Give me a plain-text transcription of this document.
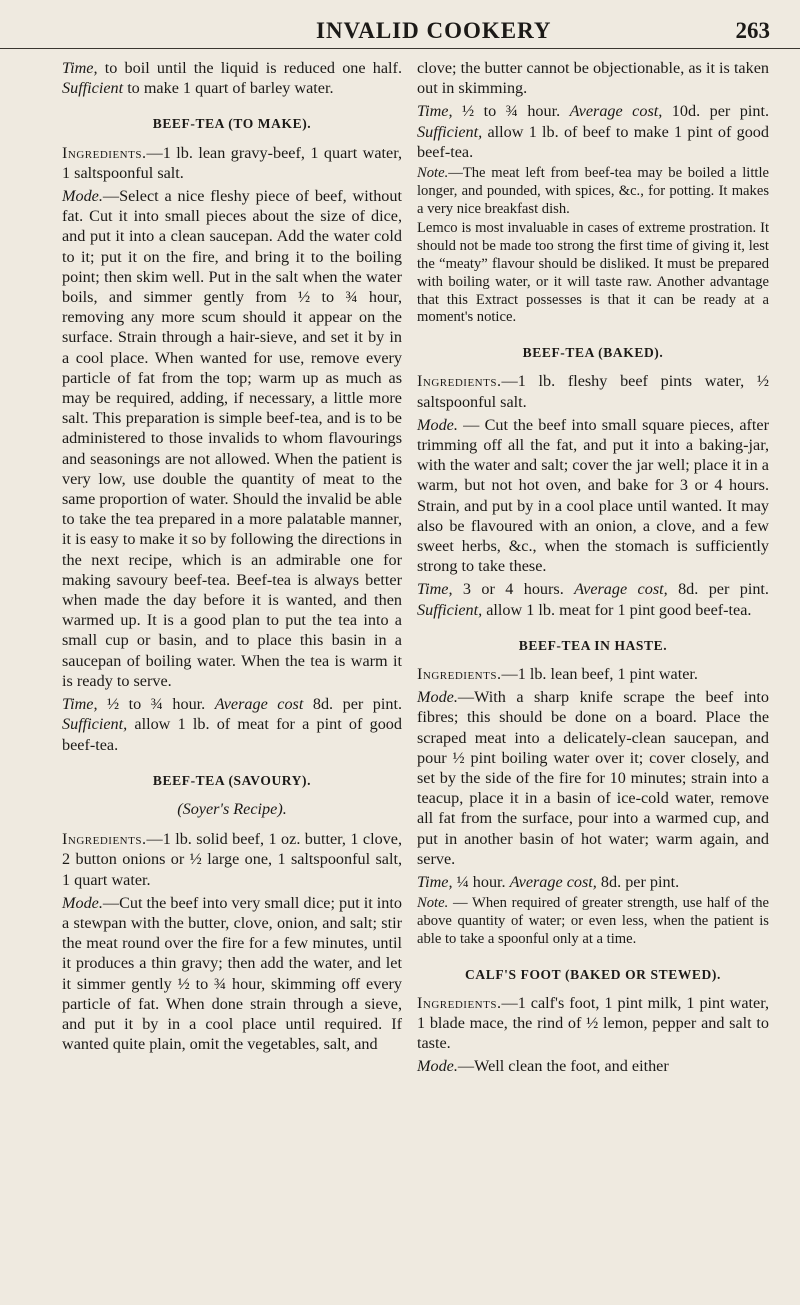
INVALID COOKERY	263

Time, to boil until the liquid is reduced one half. Sufficient to make 1 quart of barley water.

BEEF-TEA (TO MAKE).

Ingredients.—1 lb. lean gravy-beef, 1 quart water, 1 saltspoonful salt.

Mode.—Select a nice fleshy piece of beef, without fat. Cut it into small pieces about the size of dice, and put it into a clean saucepan. Add the water cold to it; put it on the fire, and bring it to the boiling point; then skim well. Put in the salt when the water boils, and simmer gently from ½ to ¾ hour, removing any more scum should it appear on the surface. Strain through a hair-sieve, and set it by in a cool place. When wanted for use, remove every particle of fat from the top; warm up as much as may be required, adding, if necessary, a little more salt. This preparation is simple beef-tea, and is to be administered to those invalids to whom flavourings and seasonings are not allowed. When the patient is very low, use double the quantity of meat to the same proportion of water. Should the invalid be able to take the tea prepared in a more palatable manner, it is easy to make it so by following the directions in the next recipe, which is an admirable one for making savoury beef-tea. Beef-tea is always better when made the day before it is wanted, and then warmed up. It is a good plan to put the tea into a small cup or basin, and to place this basin in a saucepan of boiling water. When the tea is warm it is ready to serve.

Time, ½ to ¾ hour. Average cost 8d. per pint. Sufficient, allow 1 lb. of meat for a pint of good beef-tea.

BEEF-TEA (SAVOURY).
(Soyer's Recipe).

Ingredients.—1 lb. solid beef, 1 oz. butter, 1 clove, 2 button onions or ½ large one, 1 saltspoonful salt, 1 quart water.

Mode.—Cut the beef into very small dice; put it into a stewpan with the butter, clove, onion, and salt; stir the meat round over the fire for a few minutes, until it produces a thin gravy; then add the water, and let it simmer gently ½ to ¾ hour, skimming off every particle of fat. When done strain through a sieve, and put it by in a cool place until required. If wanted quite plain, omit the vegetables, salt, and

clove; the butter cannot be objectionable, as it is taken out in skimming.

Time, ½ to ¾ hour. Average cost, 10d. per pint. Sufficient, allow 1 lb. of beef to make 1 pint of good beef-tea.

Note.—The meat left from beef-tea may be boiled a little longer, and pounded, with spices, &c., for potting. It makes a very nice breakfast dish.

Lemco is most invaluable in cases of extreme prostration. It should not be made too strong the first time of giving it, lest the “meaty” flavour should be disliked. It must be prepared with boiling water, or it will taste raw. Another advantage that this Extract possesses is that it can be ready at a moment's notice.

BEEF-TEA (BAKED).

Ingredients.—1 lb. fleshy beef pints water, ½ saltspoonful salt.

Mode. — Cut the beef into small square pieces, after trimming off all the fat, and put it into a baking-jar, with the water and salt; cover the jar well; place it in a warm, but not hot oven, and bake for 3 or 4 hours. Strain, and put by in a cool place until wanted. It may also be flavoured with an onion, a clove, and a few sweet herbs, &c., when the stomach is sufficiently strong to take these.

Time, 3 or 4 hours. Average cost, 8d. per pint. Sufficient, allow 1 lb. meat for 1 pint good beef-tea.

BEEF-TEA IN HASTE.

Ingredients.—1 lb. lean beef, 1 pint water.

Mode.—With a sharp knife scrape the beef into fibres; this should be done on a board. Place the scraped meat into a delicately-clean saucepan, and pour ½ pint boiling water over it; cover closely, and set by the side of the fire for 10 minutes; strain into a teacup, place it in a basin of ice-cold water, remove all fat from the surface, pour into a warmed cup, and put in another basin of hot water; warm again, and serve.

Time, ¼ hour. Average cost, 8d. per pint.

Note. — When required of greater strength, use half of the above quantity of water; or even less, when the patient is able to take a spoonful only at a time.

CALF'S FOOT (BAKED OR STEWED).

Ingredients.—1 calf's foot, 1 pint milk, 1 pint water, 1 blade mace, the rind of ½ lemon, pepper and salt to taste.

Mode.—Well clean the foot, and either
